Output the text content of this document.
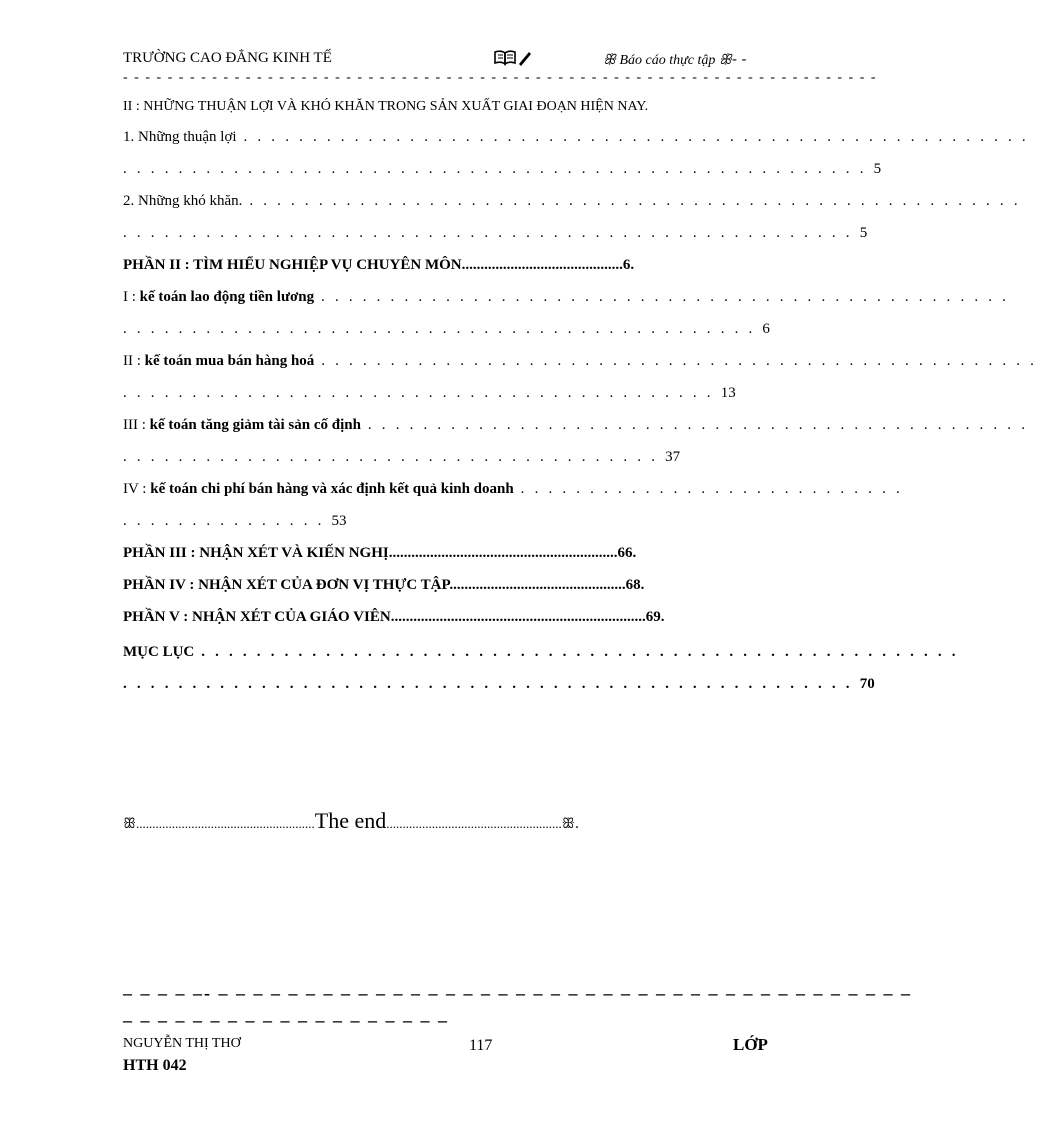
TRƯỜNG CAO ĐẲNG KINH TẾ	ꕥ Báo cáo thực tập ꕥ- -
- - - - - - - - - - - - - - - - - - - - - - - - - - - - - - - - - - - - - - - - - - - - - - - - - - - - - - - - - - - - - - - - - - - -
II : NHỮNG THUẬN LỢI VÀ KHÓ KHĂN TRONG SẢN XUẤT GIAI ĐOẠN HIỆN NAY.
1. Những thuận lợi . . . . . . . . . . . . . . . . . . . . . . . . . . . . . . . . . . . . . . . . . . . . . . . . . . . . . . . . .
. . . . . . . . . . . . . . . . . . . . . . . . . . . . . . . . . . . . . . . . . . . . . . . . . . . . . . 5
2. Những khó khăn. . . . . . . . . . . . . . . . . . . . . . . . . . . . . . . . . . . . . . . . . . . . . . . . . . . . . . . . .
. . . . . . . . . . . . . . . . . . . . . . . . . . . . . . . . . . . . . . . . . . . . . . . . . . . . . 5
PHẦN II : TÌM HIỂU NGHIỆP VỤ CHUYÊN MÔN...........................................6.
I : kế toán lao động tiền lương . . . . . . . . . . . . . . . . . . . . . . . . . . . . . . . . . . . . . . . . . . . . . . . . . .
. . . . . . . . . . . . . . . . . . . . . . . . . . . . . . . . . . . . . . . . . . . . . . 6
II : kế toán mua bán hàng hoá . . . . . . . . . . . . . . . . . . . . . . . . . . . . . . . . . . . . . . . . . . . . . . . . . . . .
. . . . . . . . . . . . . . . . . . . . . . . . . . . . . . . . . . . . . . . . . . . 13
III : kế toán tăng giảm tài sản cố định . . . . . . . . . . . . . . . . . . . . . . . . . . . . . . . . . . . . . . . . . . . . . . . .
. . . . . . . . . . . . . . . . . . . . . . . . . . . . . . . . . . . . . . . 37
IV : kế toán chi phí bán hàng và xác định kết quả kinh doanh . . . . . . . . . . . . . . . . . . . . . . . . . . . .
. . . . . . . . . . . . . . . 53
PHẦN III : NHẬN XÉT VÀ KIẾN NGHỊ.............................................................66.
PHẦN IV : NHẬN XÉT CỦA ĐƠN VỊ THỰC TẬP...............................................68.
PHẦN V : NHẬN XÉT CỦA GIÁO VIÊN....................................................................69.
MỤC LỤC . . . . . . . . . . . . . . . . . . . . . . . . . . . . . . . . . . . . . . . . . . . . . . . . . . . . . . .
. . . . . . . . . . . . . . . . . . . . . . . . . . . . . . . . . . . . . . . . . . . . . . . . . . . . . 70
ꕥ.......................................................The end......................................................ꕥ.
– – – – –- – – – – – – – – – – – – – – – – – – – – – – – – – – – – – – – – – – – – – – – –
– – – – – – – – – – – – – – – – – – –
NGUYỄN THỊ THƠ	117	LỚP
HTH 042
